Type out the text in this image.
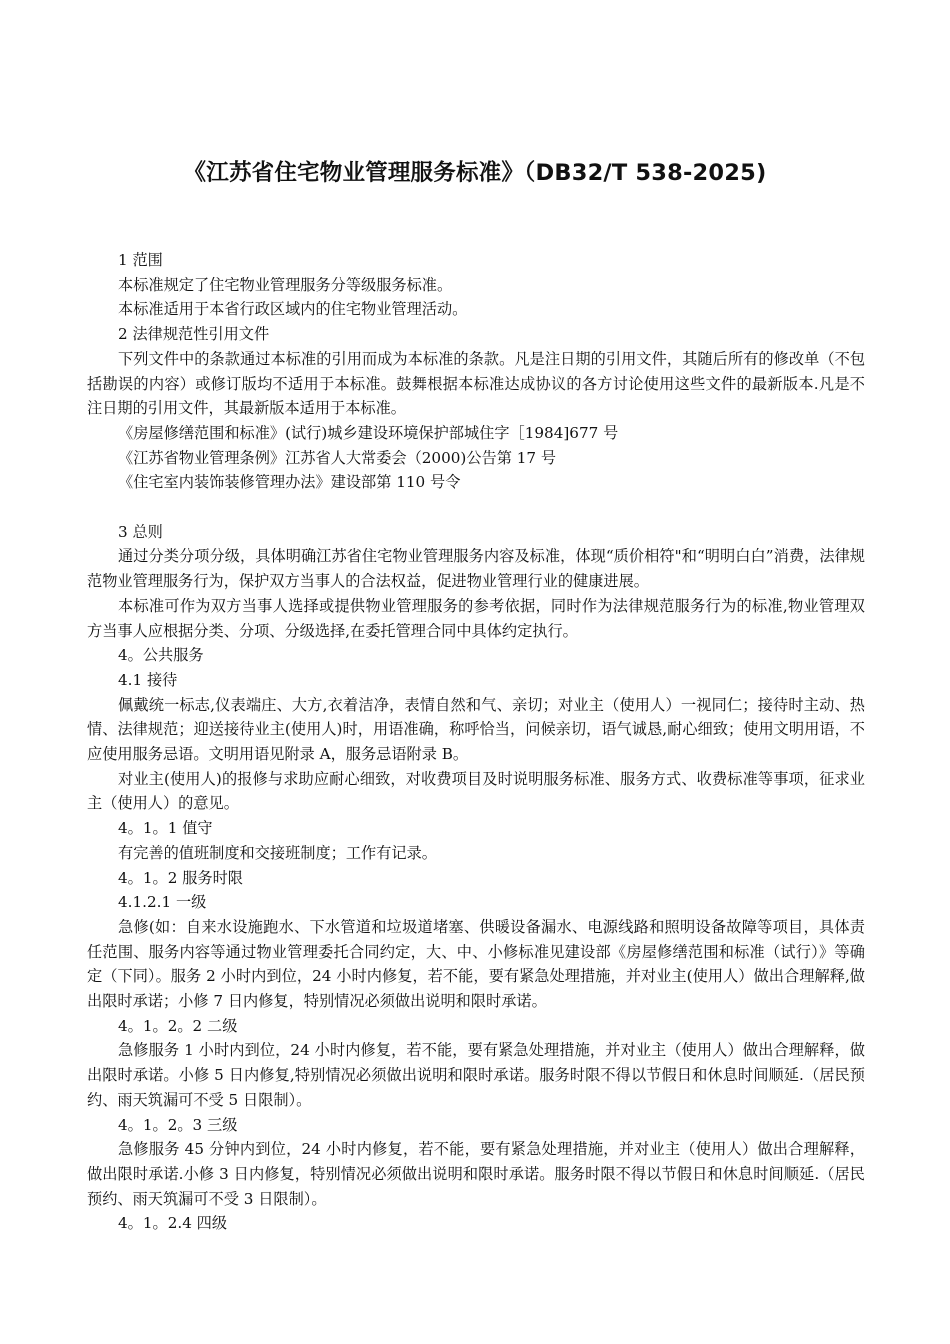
《江苏省住宅物业管理服务标准》（DB32/T 538-2025)

1 范围

本标准规定了住宅物业管理服务分等级服务标准。

本标准适用于本省行政区域内的住宅物业管理活动。

2 法律规范性引用文件

下列文件中的条款通过本标准的引用而成为本标准的条款。凡是注日期的引用文件，其随后所有的修改单（不包括勘误的内容）或修订版均不适用于本标准。鼓舞根据本标准达成协议的各方讨论使用这些文件的最新版本.凡是不注日期的引用文件，其最新版本适用于本标准。

《房屋修缮范围和标准》(试行)城乡建设环境保护部城住字［1984]677 号

《江苏省物业管理条例》江苏省人大常委会（2000)公告第 17 号

《住宅室内装饰装修管理办法》建设部第 110 号令

3 总则

通过分类分项分级，具体明确江苏省住宅物业管理服务内容及标准，体现“质价相符"和“明明白白”消费，法律规范物业管理服务行为，保护双方当事人的合法权益，促进物业管理行业的健康进展。

本标准可作为双方当事人选择或提供物业管理服务的参考依据，同时作为法律规范服务行为的标准,物业管理双方当事人应根据分类、分项、分级选择,在委托管理合同中具体约定执行。

4。公共服务

4.1 接待

佩戴统一标志,仪表端庄、大方,衣着洁净，表情自然和气、亲切；对业主（使用人）一视同仁；接待时主动、热情、法律规范；迎送接待业主(使用人)时，用语准确，称呼恰当，问候亲切，语气诚恳,耐心细致；使用文明用语，不应使用服务忌语。文明用语见附录 A，服务忌语附录 B。

对业主(使用人)的报修与求助应耐心细致，对收费项目及时说明服务标准、服务方式、收费标准等事项，征求业主（使用人）的意见。

4。1。1 值守

有完善的值班制度和交接班制度；工作有记录。

4。1。2 服务时限

4.1.2.1 一级

急修(如：自来水设施跑水、下水管道和垃圾道堵塞、供暖设备漏水、电源线路和照明设备故障等项目，具体责任范围、服务内容等通过物业管理委托合同约定，大、中、小修标准见建设部《房屋修缮范围和标准（试行）》等确定（下同）。服务 2 小时内到位，24 小时内修复，若不能，要有紧急处理措施，并对业主(使用人）做出合理解释,做出限时承诺；小修 7 日内修复，特别情况必须做出说明和限时承诺。

4。1。2。2 二级

急修服务 1 小时内到位，24 小时内修复，若不能，要有紧急处理措施，并对业主（使用人）做出合理解释，做出限时承诺。小修 5 日内修复,特别情况必须做出说明和限时承诺。服务时限不得以节假日和休息时间顺延.（居民预约、雨天筑漏可不受 5 日限制）。

4。1。2。3 三级

急修服务 45 分钟内到位，24 小时内修复，若不能，要有紧急处理措施，并对业主（使用人）做出合理解释，做出限时承诺.小修 3 日内修复，特别情况必须做出说明和限时承诺。服务时限不得以节假日和休息时间顺延.（居民预约、雨天筑漏可不受 3 日限制）。

4。1。2.4 四级
